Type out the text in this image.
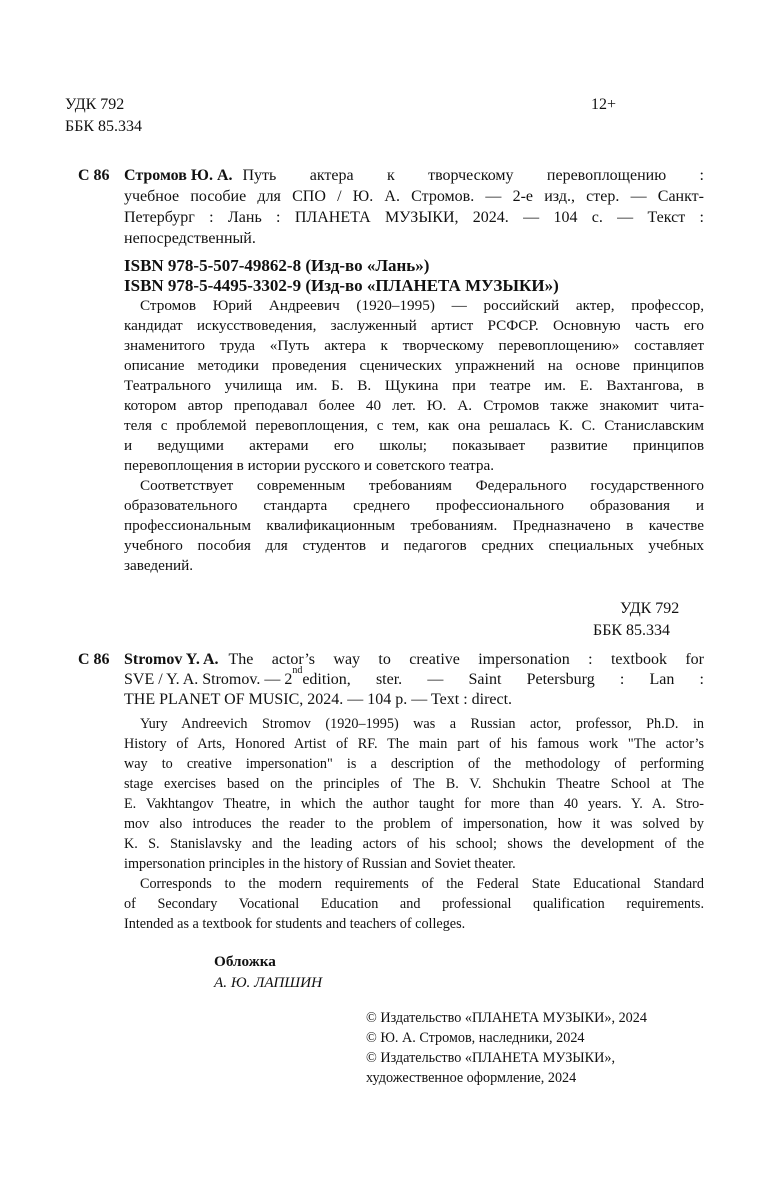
УДК 792
ББК 85.334
12+
С 86 Стромов Ю. А. Путь актера к творческому перевоплощению :
учебное пособие для СПО / Ю. А. Стромов. — 2-е изд., стер. — Санкт-
Петербург : Лань : ПЛАНЕТА МУЗЫКИ, 2024. — 104 с. — Текст :
непосредственный.
ISBN 978-5-507-49862-8 (Изд-во «Лань»)
ISBN 978-5-4495-3302-9 (Изд-во «ПЛАНЕТА МУЗЫКИ»)
Стромов Юрий Андреевич (1920–1995) — российский актер, профессор,
кандидат искусствоведения, заслуженный артист РСФСР. Основную часть его
знаменитого труда «Путь актера к творческому перевоплощению» составляет
описание методики проведения сценических упражнений на основе принципов
Театрального училища им. Б. В. Щукина при театре им. Е. Вахтангова, в
котором автор преподавал более 40 лет. Ю. А. Стромов также знакомит чита-
теля с проблемой перевоплощения, с тем, как она решалась К. С. Станиславским
и ведущими актерами его школы; показывает развитие принципов
перевоплощения в истории русского и советского театра.
Соответствует современным требованиям Федерального государственного
образовательного стандарта среднего профессионального образования и
профессиональным квалификационным требованиям. Предназначено в качестве
учебного пособия для студентов и педагогов средних специальных учебных
заведений.
УДК 792
ББК 85.334
С 86 Stromov Y. A. The actor’s way to creative impersonation : textbook for
SVE / Y. A. Stromov. — 2
nd
edition, ster. — Saint Petersburg : Lan :
THE PLANET OF MUSIC, 2024. — 104 p. — Text : direct.
Yury Andreevich Stromov (1920–1995) was a Russian actor, professor, Ph.D. in
History of Arts, Honored Artist of RF. The main part of his famous work "The actor’s
way to creative impersonation" is a description of the methodology of performing
stage exercises based on the principles of The B. V. Shchukin Theatre School at The
E. Vakhtangov Theatre, in which the author taught for more than 40 years. Y. A. Stro-
mov also introduces the reader to the problem of impersonation, how it was solved by
K. S. Stanislavsky and the leading actors of his school; shows the development of the
impersonation principles in the history of Russian and Soviet theater.
Corresponds to the modern requirements of the Federal State Educational Standard
of Secondary Vocational Education and professional qualification requirements.
Intended as a textbook for students and teachers of colleges.
Обложка
А. Ю. ЛАПШИН
© Издательство «ПЛАНЕТА МУЗЫКИ», 2024
© Ю. А. Стромов, наследники, 2024
© Издательство «ПЛАНЕТА МУЗЫКИ»,
художественное оформление, 2024
